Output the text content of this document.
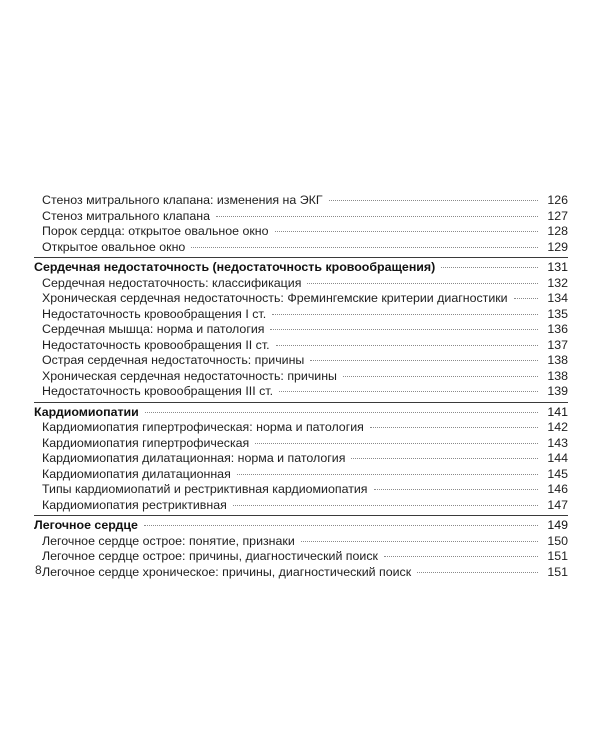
Стеноз митрального клапана: изменения на ЭКГ	126
Стеноз митрального клапана	127
Порок сердца: открытое овальное окно	128
Открытое овальное окно	129
Сердечная недостаточность (недостаточность кровообращения)	131
Сердечная недостаточность: классификация	132
Хроническая сердечная недостаточность: Фремингемские критерии диагностики	134
Недостаточность кровообращения I ст.	135
Сердечная мышца: норма и патология	136
Недостаточность кровообращения II ст.	137
Острая сердечная недостаточность: причины	138
Хроническая сердечная недостаточность: причины	138
Недостаточность кровообращения III ст.	139
Кардиомиопатии	141
Кардиомиопатия гипертрофическая: норма и патология	142
Кардиомиопатия гипертрофическая	143
Кардиомиопатия дилатационная: норма и патология	144
Кардиомиопатия дилатационная	145
Типы кардиомиопатий и рестриктивная кардиомиопатия	146
Кардиомиопатия рестриктивная	147
Легочное сердце	149
Легочное сердце острое: понятие, признаки	150
Легочное сердце острое: причины, диагностический поиск	151
Легочное сердце хроническое: причины, диагностический поиск	151
8
